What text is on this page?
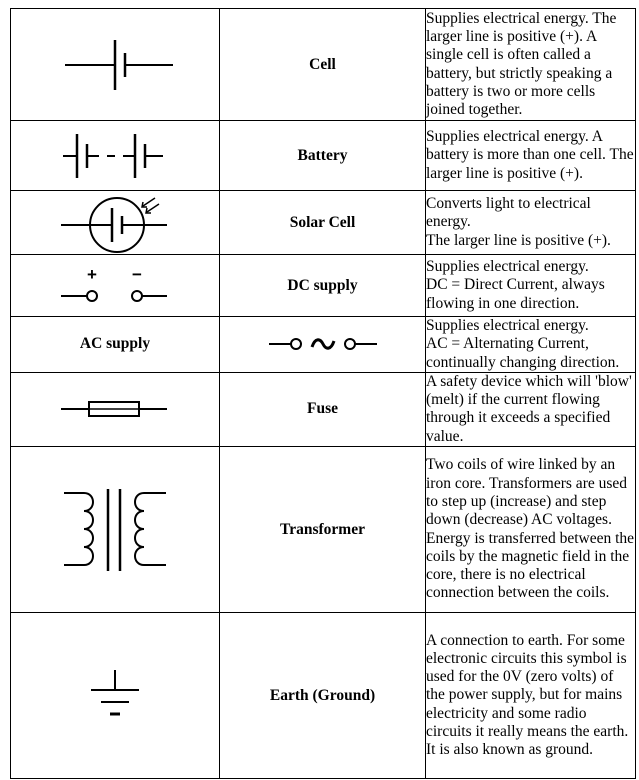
	Cell	Supplies electrical energy. The larger line is positive (+). A single cell is often called a battery, but strictly speaking a battery is two or more cells joined together.

	Battery	Supplies electrical energy. A battery is more than one cell. The larger line is positive (+).

	Solar Cell	Converts light to electrical energy.
The larger line is positive (+).

+ −	DC supply	Supplies electrical energy.
DC = Direct Current, always flowing in one direction.

AC supply		Supplies electrical energy.
AC = Alternating Current, continually changing direction.

	Fuse	A safety device which will 'blow' (melt) if the current flowing through it exceeds a specified value.

	Transformer	Two coils of wire linked by an iron core. Transformers are used to step up (increase) and step down (decrease) AC voltages. Energy is transferred between the coils by the magnetic field in the core, there is no electrical connection between the coils.

	Earth (Ground)	A connection to earth. For some electronic circuits this symbol is used for the 0V (zero volts) of the power supply, but for mains electricity and some radio circuits it really means the earth. It is also known as ground.
